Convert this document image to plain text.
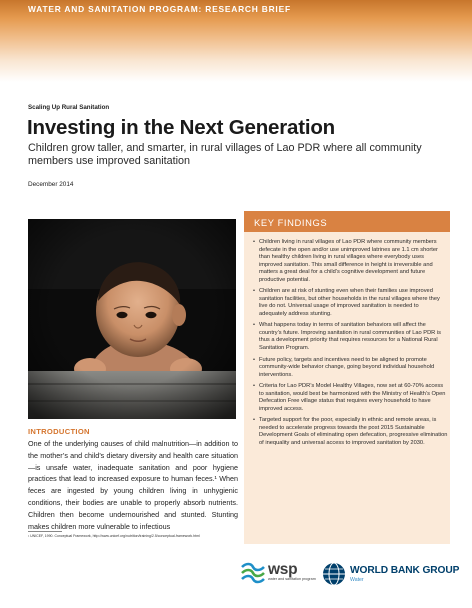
WATER AND SANITATION PROGRAM: RESEARCH BRIEF
Scaling Up Rural Sanitation
Investing in the Next Generation
Children grow taller, and smarter, in rural villages of Lao PDR where all community members use improved sanitation
December 2014
INTRODUCTION
One of the underlying causes of child malnutrition—in addition to the mother’s and child’s dietary diversity and health care situation—is unsafe water, inadequate sanitation and poor hygiene practices that lead to increased exposure to human feces.¹ When feces are ingested by young children living in unhygienic conditions, their bodies are unable to properly absorb nutrients. Children then become undernourished and stunted. Stunting makes children more vulnerable to infectious
¹ UNICEF, 1990. Conceptual Framework, http://www.unicef.org/nutrition/training/2.5/conceptual-framework.html
KEY FINDINGS
• Children living in rural villages of Lao PDR where community members defecate in the open and/or use unimproved latrines are 1.1 cm shorter than healthy children living in rural villages where everybody uses improved sanitation. This small difference in height is irreversible and matters a great deal for a child’s cognitive development and future productive potential.
• Children are at risk of stunting even when their families use improved sanitation facilities, but other households in the rural villages where they live do not. Universal usage of improved sanitation is needed to adequately address stunting.
• What happens today in terms of sanitation behaviors will affect the country’s future. Improving sanitation in rural communities of Lao PDR is thus a development priority that requires resources for a National Rural Sanitation Program.
• Future policy, targets and incentives need to be aligned to promote community-wide behavior change, going beyond individual household interventions.
• Criteria for Lao PDR’s Model Healthy Villages, now set at 60-70% access to sanitation, would best be harmonized with the Ministry of Health’s Open Defecation Free village status that requires every household to have improved access.
• Targeted support for the poor, especially in ethnic and remote areas, is needed to accelerate progress towards the post 2015 Sustainable Development Goals of eliminating open defecation, progressive elimination of inequality and universal access to improved sanitation by 2030.
wsp
water and sanitation program
WORLD BANK GROUP
Water
